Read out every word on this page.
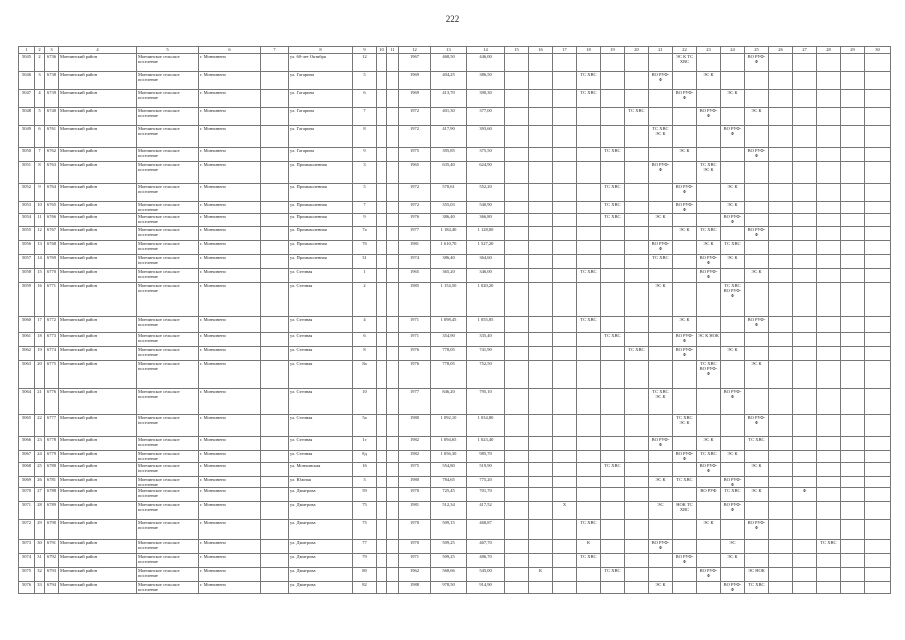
222
1	2	3	4	5	6	7	8	9	10	11	12	13	14	15	16	17	18	19	20	21	22	23	24	25	26	27	28	29	30
5045	2	6736	Мончинский район	Мончинское сельское поселение	г. Мончинено		ул. 60-лет Октября	12			1967	468,50	446,00								ЭС К ТС ХВС			ВО РУФ-Ф					
5046	3	6738	Мончинский район	Мончинское сельское поселение	г. Мончинено		ул. Гагарина	5			1969	404,25	386,50				ТС ХВС			ВО РУФ-Ф		ЭС К							
5047	4	6739	Мончинский район	Мончинское сельское поселение	г. Мончинено		ул. Гагарина	6			1969	413,70	390,30				ТС ХВС				ВО РУФ-Ф		ЭС К						
5048	5	6740	Мончинский район	Мончинское сельское поселение	г. Мончинено		ул. Гагарина	7			1972	401,30	377,00						ТС ХВС			ВО РУФ-Ф		ЭС К					
5049	6	6761	Мончинский район	Мончинское сельское поселение	г. Мончинено		ул. Гагарина	8			1972	417,90	393,60							ТС ХВС ЭС К			ВО РУФ-Ф						
5050	7	6762	Мончинский район	Мончинское сельское поселение	г. Мончинено		ул. Гагарина	9			1975	395,85	375,50					ТС ХВС			ЭС К			ВО РУФ-Ф					
5051	8	6763	Мончинский район	Мончинское сельское поселение	г. Мончинено		ул. Промышленная	3			1965	635,40	624,90							ВО РУФ-Ф		ТС ХВС ЭС К							
5052	9	6764	Мончинский район	Мончинское сельское поселение	г. Мончинено		ул. Промышленная	5			1972	570,61	552,20					ТС ХВС			ВО РУФ-Ф		ЭС К						
5053	10	6765	Мончинский район	Мончинское сельское поселение	г. Мончинено		ул. Промышленная	7			1972	355,03	540,90					ТС ХВС			ВО РУФ-Ф		ЭС К						
5054	11	6766	Мончинский район	Мончинское сельское поселение	г. Мончинено		ул. Промышленная	9			1976	386,40	366,80					ТС ХВС		ЭС К			ВО РУФ-Ф						
5055	12	6767	Мончинский район	Мончинское сельское поселение	г. Мончинено		ул. Промышленная	7а			1977	1 184,40	1 128,00								ЭС К	ТС ХВС		ВО РУФ-Ф					
5056	13	6768	Мончинский район	Мончинское сельское поселение	г. Мончинено		ул. Промышленная	7б			1981	1 610,70	1 527,20							ВО РУФ-Ф		ЭС К	ТС ХВС						
5057	14	6769	Мончинский район	Мончинское сельское поселение	г. Мончинено		ул. Промышленная	31			1974	386,40	364,60							ТС ХВС		ВО РУФ-Ф	ЭС К						
5058	15	6770	Мончинский район	Мончинское сельское поселение	г. Мончинено		ул. Степная	1			1965	365,20	346,00				ТС ХВС					ВО РУФ-Ф		ЭС К					
5059	16	6771	Мончинский район	Мончинское сельское поселение	г. Мончинено		ул. Степная	2			1985	1 154,50	1 020,20							ЭС К			ТС ХВС ВО РУФ-Ф						
5060	17	6772	Мончинский район	Мончинское сельское поселение	г. Мончинено		ул. Степная	4			1971	1 098,45	1 055,85				ТС ХВС				ЭС К			ВО РУФ-Ф					
5061	18	6773	Мончинский район	Мончинское сельское поселение	г. Мончинено		ул. Степная	6			1971	354,90	335,40					ТС ХВС			ВО РУФ-Ф	ЭС К НОК							
5062	19	6774	Мончинский район	Мончинское сельское поселение	г. Мончинено		ул. Степная	8			1976	778,05	741,90						ТС ХВС		ВО РУФ-Ф		ЭС К						
5063	20	6775	Мончинский район	Мончинское сельское поселение	г. Мончинено		ул. Степная	8а			1976	778,05	752,50									ТС ХВС ВО РУФ-Ф		ЭС К					
5064	21	6776	Мончинский район	Мончинское сельское поселение	г. Мончинено		ул. Степная	10			1977	846,20	795,10							ТС ХВС ЭС К			ВО РУФ-Ф						
5065	22	6777	Мончинский район	Мончинское сельское поселение	г. Мончинено		ул. Степная	5а			1980	1 092,10	1 034,80								ТС ХВС ЭС К			ВО РУФ-Ф					
5066	23	6778	Мончинский район	Мончинское сельское поселение	г. Мончинено		ул. Степная	1г			1982	1 094,65	1 023,40							ВО РУФ-Ф		ЭС К		ТС ХВС					
5067	24	6779	Мончинский район	Мончинское сельское поселение	г. Мончинено		ул. Степная	8д			1982	1 056,30	985,70								ВО РУФ-Ф	ТС ХВС	ЭС К						
5068	25	6780	Мончинский район	Мончинское сельское поселение	г. Мончинено		ул. Мончинская	16			1975	554,80	519,90					ТС ХВС				ВО РУФ-Ф		ЭС К					
5069	26	6781	Мончинский район	Мончинское сельское поселение	г. Мончинено		ул. Южная	3			1980	784,65	775,20							ЭС К	ТС ХВС		ВО РУФ-Ф						
5070	27	6788	Мончинский район	Мончинское сельское поселение	г. Мончинено		ул. Дмитрова	59			1970	725,45	701,70									ВО РУФ	ТС ХВС	ЭС К		Ф			
5071	28	6789	Мончинский район	Мончинское сельское поселение	г. Мончинено		ул. Дмитрова	75			1981	512,34	417,52			Х				ЭС	НОК ТС ХВС		ВО РУФ-Ф						
5072	29	6790	Мончинский район	Мончинское сельское поселение	г. Мончинено		ул. Дмитрова	75			1970	509,15	468,87				ТС ХВС					ЭС К		ВО РУФ-Ф					
5073	30	6791	Мончинский район	Мончинское сельское поселение	г. Мончинено		ул. Дмитрова	77			1970	509,25	467,70				К			ВО РУФ-Ф			ЭС				ТС ХВС		
5074	31	6792	Мончинский район	Мончинское сельское поселение	г. Мончинено		ул. Дмитрова	79			1971	509,25	486,70				ТС ХВС				ВО РУФ-Ф		ЭС К						
5075	32	6793	Мончинский район	Мончинское сельское поселение	г. Мончинено		ул. Дмитрова	80			1962	568,66	545,00		К			ТС ХВС				ВО РУФ-Ф		ЭС НОК					
5076	33	6794	Мончинский район	Мончинское сельское поселение	г. Мончинено		ул. Дмитрова	82			1988	978,50	914,90							ЭС К			ВО РУФ-Ф	ТС ХВС					
